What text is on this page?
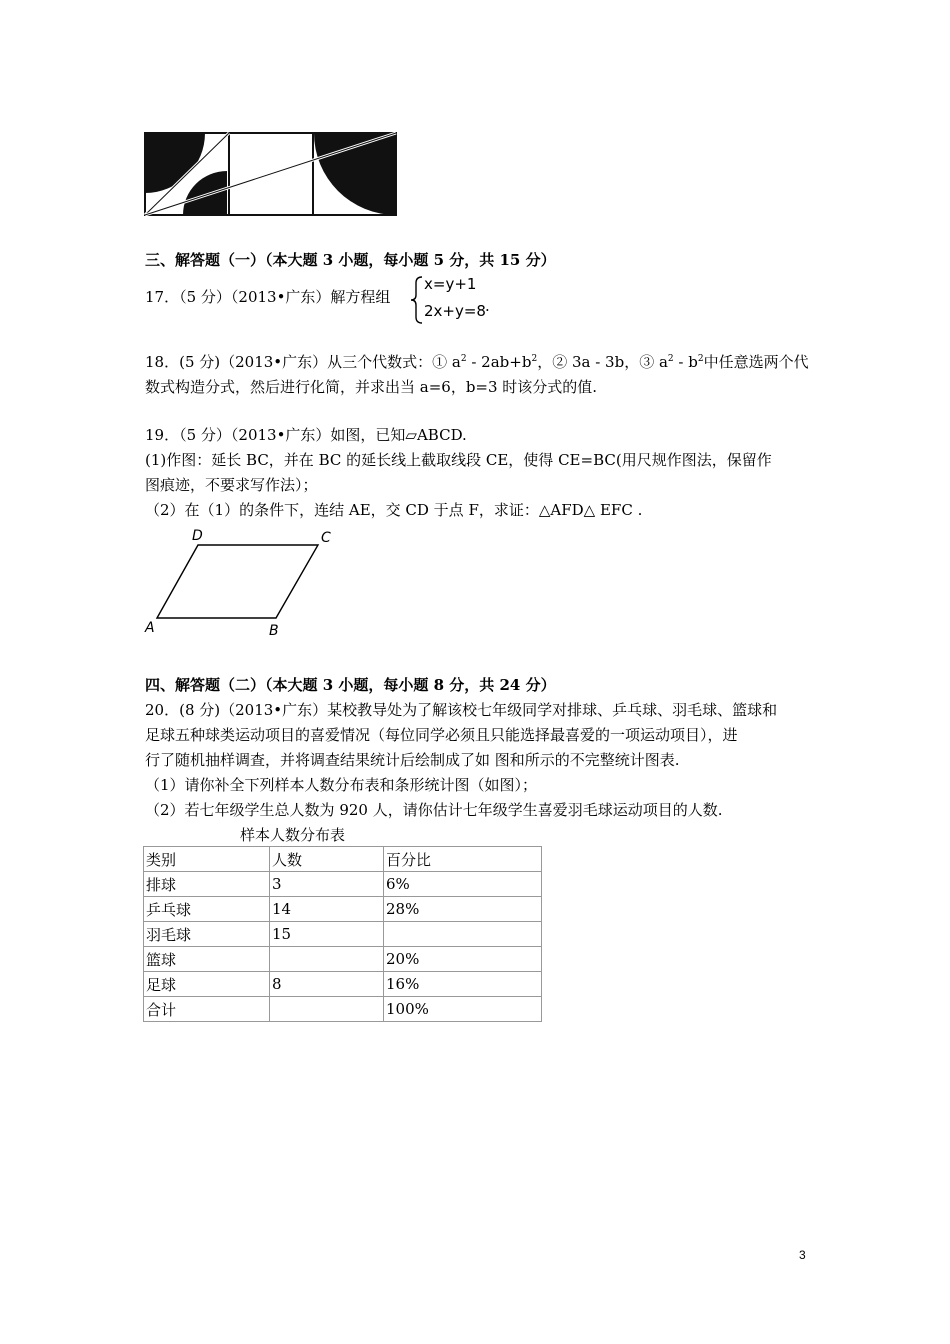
三、解答题（一）（本大题 3 小题，每小题 5 分，共 15 分）
17．（5 分）（2013•广东）解方程组
x=y+1
2x+y=8 .
18．(5 分)（2013•广东）从三个代数式：① $a^2 - 2ab+b^2$，② 3a - 3b，③ $a^2 - b^2$中任意选两个代
数式构造分式，然后进行化简，并求出当 a=6，b=3 时该分式的值.
19．（5 分）（2013•广东）如图，已知▱ABCD.
(1)作图：延长 BC，并在 BC 的延长线上截取线段 CE，使得 CE=BC(用尺规作图法，保留作
图痕迹，不要求写作法）；
（2）在（1）的条件下，连结 AE，交 CD 于点 F，求证：△AFD△ EFC .
D	C
A	B
四、解答题（二）（本大题 3 小题，每小题 8 分，共 24 分）
20．(8 分)（2013•广东）某校教导处为了解该校七年级同学对排球、乒乓球、羽毛球、篮球和
足球五种球类运动项目的喜爱情况（每位同学必须且只能选择最喜爱的一项运动项目），进
行了随机抽样调查，并将调查结果统计后绘制成了如 图和所示的不完整统计图表.
（1）请你补全下列样本人数分布表和条形统计图（如图）；
（2）若七年级学生总人数为 920 人，请你估计七年级学生喜爱羽毛球运动项目的人数.
样本人数分布表
类别	人数	百分比
排球	3	6%
乒乓球	14	28%
羽毛球	15	
篮球		20%
足球	8	16%
合计		100%
3
